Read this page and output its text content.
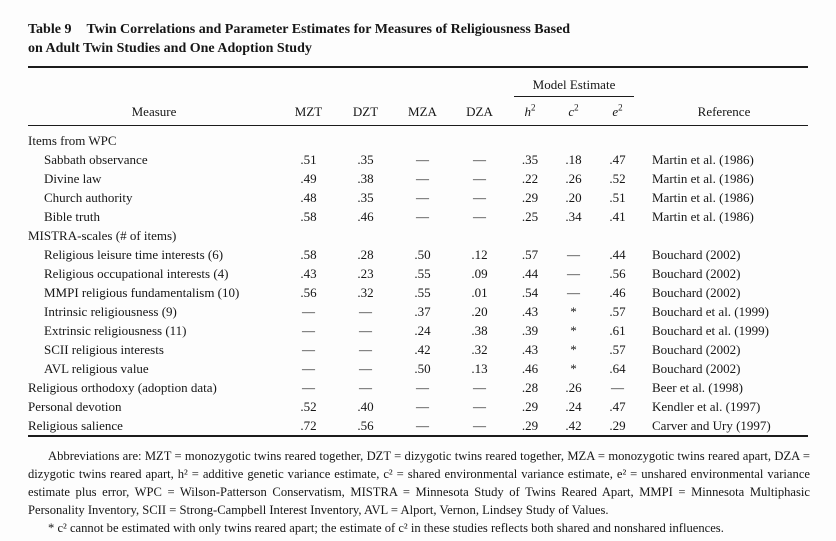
Table 9 Twin Correlations and Parameter Estimates for Measures of Religiousness Based
on Adult Twin Studies and One Adoption Study

					Model Estimate			

Measure	MZT	DZT	MZA	DZA	$h^2$	$c^2$	$e^2$	Reference
Items from WPC								
Sabbath observance	.51	.35	—	—	.35	.18	.47	Martin et al. (1986)
Divine law	.49	.38	—	—	.22	.26	.52	Martin et al. (1986)
Church authority	.48	.35	—	—	.29	.20	.51	Martin et al. (1986)
Bible truth	.58	.46	—	—	.25	.34	.41	Martin et al. (1986)
MISTRA-scales (# of items)								
Religious leisure time interests (6)	.58	.28	.50	.12	.57	—	.44	Bouchard (2002)
Religious occupational interests (4)	.43	.23	.55	.09	.44	—	.56	Bouchard (2002)
MMPI religious fundamentalism (10)	.56	.32	.55	.01	.54	—	.46	Bouchard (2002)
Intrinsic religiousness (9)	—	—	.37	.20	.43	*	.57	Bouchard et al. (1999)
Extrinsic religiousness (11)	—	—	.24	.38	.39	*	.61	Bouchard et al. (1999)
SCII religious interests	—	—	.42	.32	.43	*	.57	Bouchard (2002)
AVL religious value	—	—	.50	.13	.46	*	.64	Bouchard (2002)
Religious orthodoxy (adoption data)	—	—	—	—	.28	.26	—	Beer et al. (1998)
Personal devotion	.52	.40	—	—	.29	.24	.47	Kendler et al. (1997)
Religious salience	.72	.56	—	—	.29	.42	.29	Carver and Ury (1997)

Abbreviations are: MZT = monozygotic twins reared together, DZT = dizygotic twins reared together, MZA = monozygotic twins reared apart, DZA = dizygotic twins reared apart, h² = additive genetic variance estimate, c² = shared environmental variance estimate, e² = unshared environmental variance estimate plus error, WPC = Wilson-Patterson Conservatism, MISTRA = Minnesota Study of Twins Reared Apart, MMPI = Minnesota Multiphasic Personality Inventory, SCII = Strong-Campbell Interest Inventory, AVL = Alport, Vernon, Lindsey Study of Values.

* c² cannot be estimated with only twins reared apart; the estimate of c² in these studies reflects both shared and nonshared influences.
